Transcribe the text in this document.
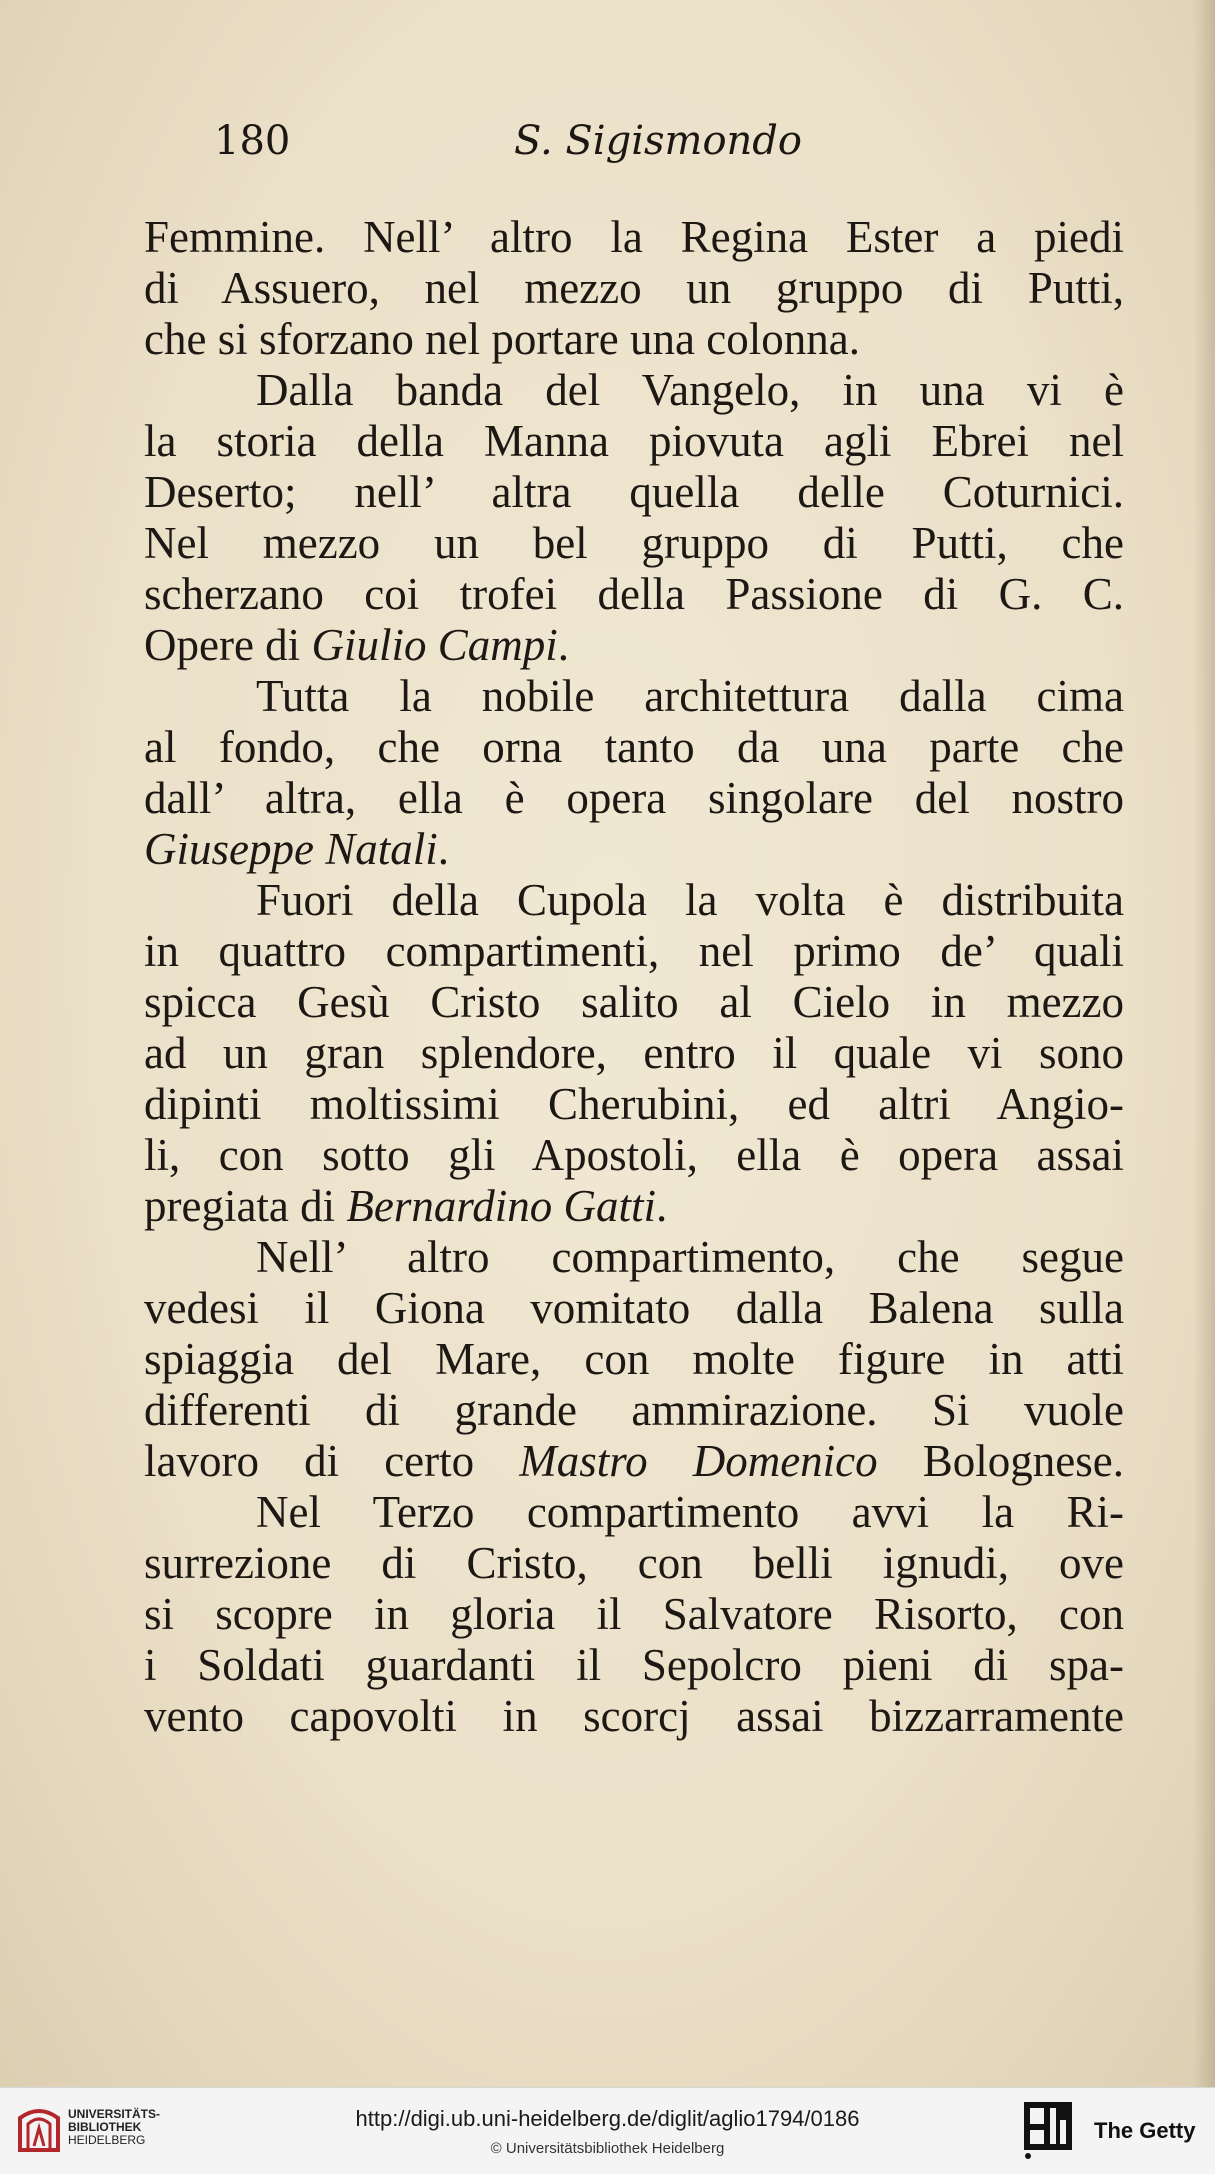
180	S. Sigismondo
Femmine. Nell’ altro la Regina Ester a piedi
di Assuero, nel mezzo un gruppo di Putti,
che si sforzano nel portare una colonna.
Dalla banda del Vangelo, in una vi è
la storia della Manna piovuta agli Ebrei nel
Deserto; nell’ altra quella delle Coturnici.
Nel mezzo un bel gruppo di Putti, che
scherzano coi trofei della Passione di G. C.
Opere di Giulio Campi.
Tutta la nobile architettura dalla cima
al fondo, che orna tanto da una parte che
dall’ altra, ella è opera singolare del nostro
Giuseppe Natali.
Fuori della Cupola la volta è distribuita
in quattro compartimenti, nel primo de’ quali
spicca Gesù Cristo salito al Cielo in mezzo
ad un gran splendore, entro il quale vi sono
dipinti moltissimi Cherubini, ed altri Angio-
li, con sotto gli Apostoli, ella è opera assai
pregiata di Bernardino Gatti.
Nell’ altro compartimento, che segue
vedesi il Giona vomitato dalla Balena sulla
spiaggia del Mare, con molte figure in atti
differenti di grande ammirazione. Si vuole
lavoro di certo Mastro Domenico Bolognese.
Nel Terzo compartimento avvi la Ri-
surrezione di Cristo, con belli ignudi, ove
si scopre in gloria il Salvatore Risorto, con
i Soldati guardanti il Sepolcro pieni di spa-
vento capovolti in scorcj assai bizzarramente
UNIVERSITÄTS-
BIBLIOTHEK
HEIDELBERG
http://digi.ub.uni-heidelberg.de/diglit/aglio1794/0186
© Universitätsbibliothek Heidelberg
The Getty
